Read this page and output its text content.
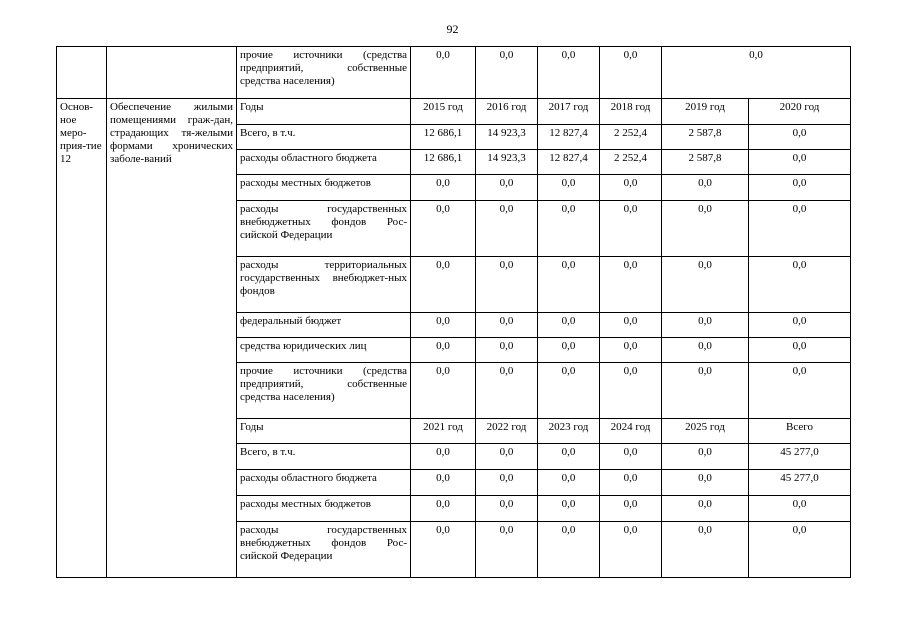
92
		прочие источники (средства предприятий, собственные средства населения)	0,0	0,0	0,0	0,0	0,0	
Основ-ное меро-прия-тие 12	Обеспечение жилыми помещениями граж-дан, страдающих тя-желыми формами хронических заболе-ваний	Годы	2015 год	2016 год	2017 год	2018 год	2019 год	2020 год
		Всего, в т.ч.	12 686,1	14 923,3	12 827,4	2 252,4	2 587,8	0,0
		расходы областного бюджета	12 686,1	14 923,3	12 827,4	2 252,4	2 587,8	0,0
		расходы местных бюджетов	0,0	0,0	0,0	0,0	0,0	0,0
		расходы государственных внебюджетных фондов Рос-сийской Федерации	0,0	0,0	0,0	0,0	0,0	0,0
		расходы территориальных государственных внебюджет-ных фондов	0,0	0,0	0,0	0,0	0,0	0,0
		федеральный бюджет	0,0	0,0	0,0	0,0	0,0	0,0
		средства юридических лиц	0,0	0,0	0,0	0,0	0,0	0,0
		прочие источники (средства предприятий, собственные средства населения)	0,0	0,0	0,0	0,0	0,0	0,0
		Годы	2021 год	2022 год	2023 год	2024 год	2025 год	Всего
		Всего, в т.ч.	0,0	0,0	0,0	0,0	0,0	45 277,0
		расходы областного бюджета	0,0	0,0	0,0	0,0	0,0	45 277,0
		расходы местных бюджетов	0,0	0,0	0,0	0,0	0,0	0,0
		расходы государственных внебюджетных фондов Рос-сийской Федерации	0,0	0,0	0,0	0,0	0,0	0,0
